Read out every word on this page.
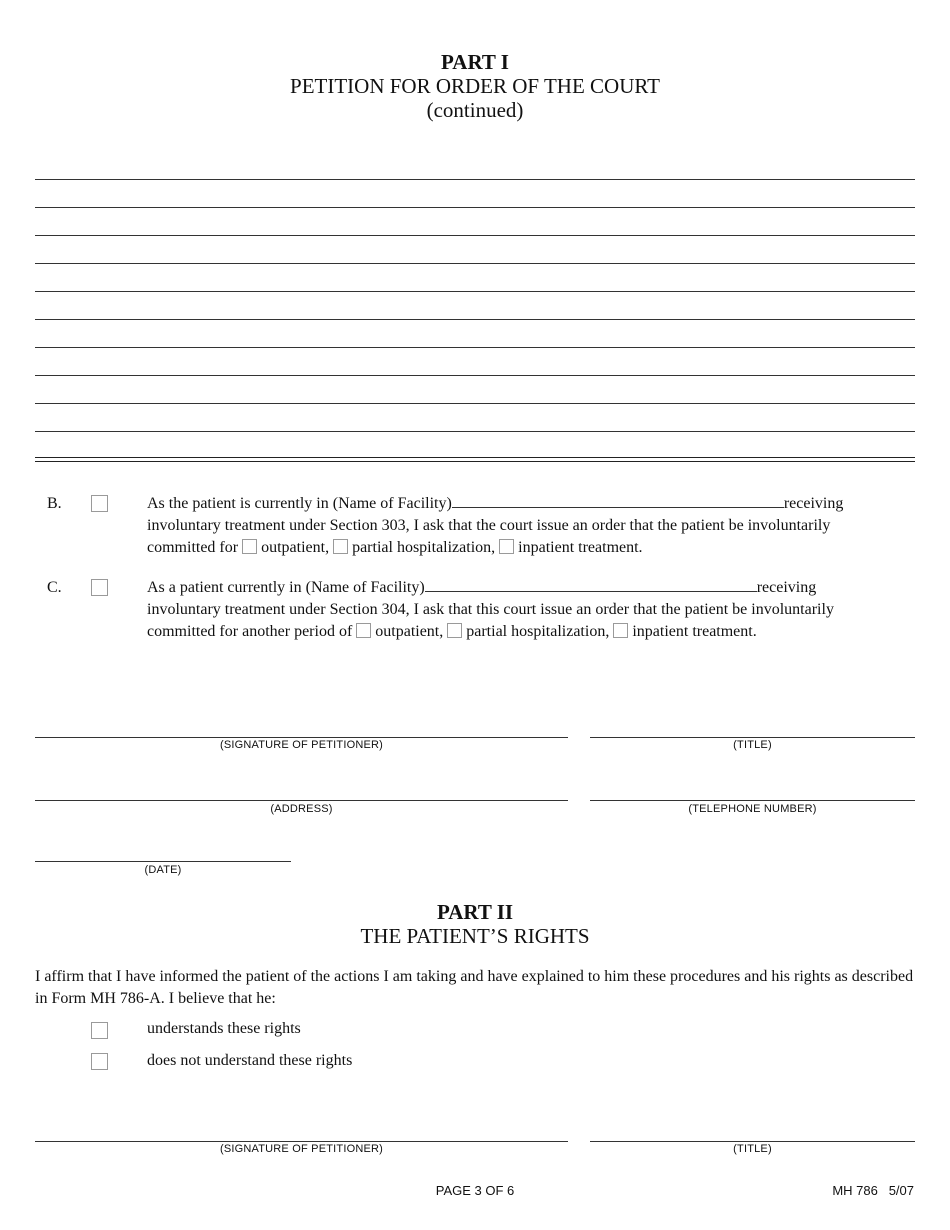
PART I
PETITION FOR ORDER OF THE COURT
(continued)
B.	As the patient is currently in (Name of Facility)	receiving
involuntary treatment under Section 303, I ask that the court issue an order that the patient be involuntarily
committed for outpatient, partial hospitalization, inpatient treatment.
C.	As a patient currently in (Name of Facility)	receiving
involuntary treatment under Section 304, I ask that this court issue an order that the patient be involuntarily
committed for another period of outpatient, partial hospitalization, inpatient treatment.
(SIGNATURE OF PETITIONER)	(TITLE)
(ADDRESS)	(TELEPHONE NUMBER)
(DATE)
PART II
THE PATIENT’S RIGHTS
I affirm that I have informed the patient of the actions I am taking and have explained to him these procedures and his rights as described in Form MH 786-A. I believe that he:
understands these rights
does not understand these rights
(SIGNATURE OF PETITIONER)	(TITLE)
PAGE 3 OF 6	MH 786   5/07
